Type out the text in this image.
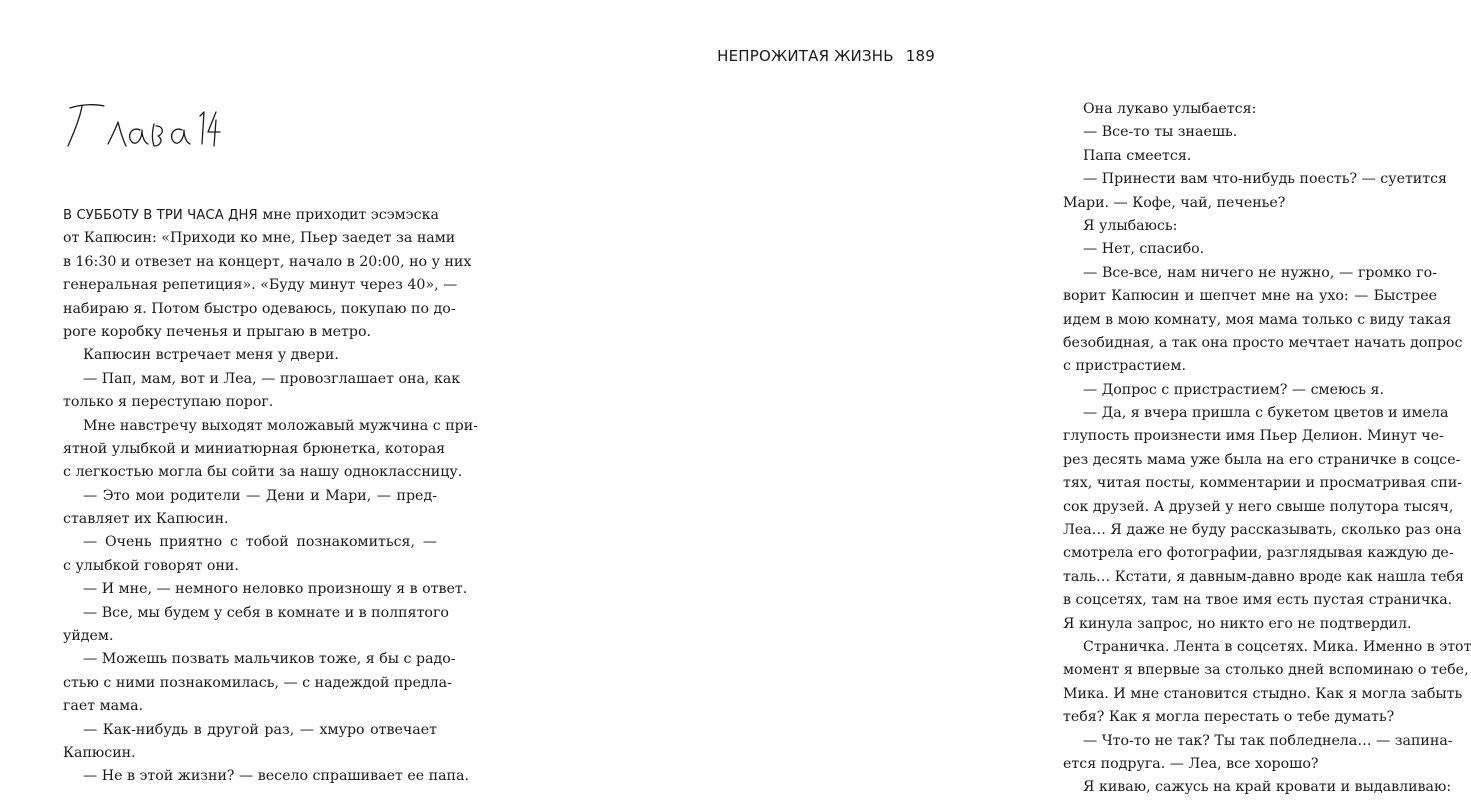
В СУББОТУ В ТРИ ЧАСА ДНЯ мне приходит эсэмэска
от Капюсин: «Приходи ко мне, Пьер заедет за нами
в 16:30 и отвезет на концерт, начало в 20:00, но у них
генеральная репетиция». «Буду минут через 40», —
набираю я. Потом быстро одеваюсь, покупаю по до-
роге коробку печенья и прыгаю в метро.
Капюсин встречает меня у двери.
— Пап, мам, вот и Леа, — провозглашает она, как
только я переступаю порог.
Мне навстречу выходят моложавый мужчина с при-
ятной улыбкой и миниатюрная брюнетка, которая
с легкостью могла бы сойти за нашу одноклассницу.
— Это мои родители — Дени и Мари, — пред-
ставляет их Капюсин.
— Очень приятно с тобой познакомиться, —
с улыбкой говорят они.
— И мне, — немного неловко произношу я в ответ.
— Все, мы будем у себя в комнате и в полпятого
уйдем.
— Можешь позвать мальчиков тоже, я бы с радо-
стью с ними познакомилась, — с надеждой предла-
гает мама.
— Как-нибудь в другой раз, — хмуро отвечает
Капюсин.
— Не в этой жизни? — весело спрашивает ее папа.
НЕПРОЖИТАЯ ЖИЗНЬ 189
Она лукаво улыбается:
— Все-то ты знаешь.
Папа смеется.
— Принести вам что-нибудь поесть? — суетится
Мари. — Кофе, чай, печенье?
Я улыбаюсь:
— Нет, спасибо.
— Все-все, нам ничего не нужно, — громко го-
ворит Капюсин и шепчет мне на ухо: — Быстрее
идем в мою комнату, моя мама только с виду такая
безобидная, а так она просто мечтает начать допрос
с пристрастием.
— Допрос с пристрастием? — смеюсь я.
— Да, я вчера пришла с букетом цветов и имела
глупость произнести имя Пьер Делион. Минут че-
рез десять мама уже была на его страничке в соцсе-
тях, читая посты, комментарии и просматривая спи-
сок друзей. А друзей у него свыше полутора тысяч,
Леа… Я даже не буду рассказывать, сколько раз она
смотрела его фотографии, разглядывая каждую де-
таль… Кстати, я давным-давно вроде как нашла тебя
в соцсетях, там на твое имя есть пустая страничка.
Я кинула запрос, но никто его не подтвердил.
Страничка. Лента в соцсетях. Мика. Именно в этот
момент я впервые за столько дней вспоминаю о тебе,
Мика. И мне становится стыдно. Как я могла забыть
тебя? Как я могла перестать о тебе думать?
— Что-то не так? Ты так побледнела… — запина-
ется подруга. — Леа, все хорошо?
Я киваю, сажусь на край кровати и выдавливаю:
